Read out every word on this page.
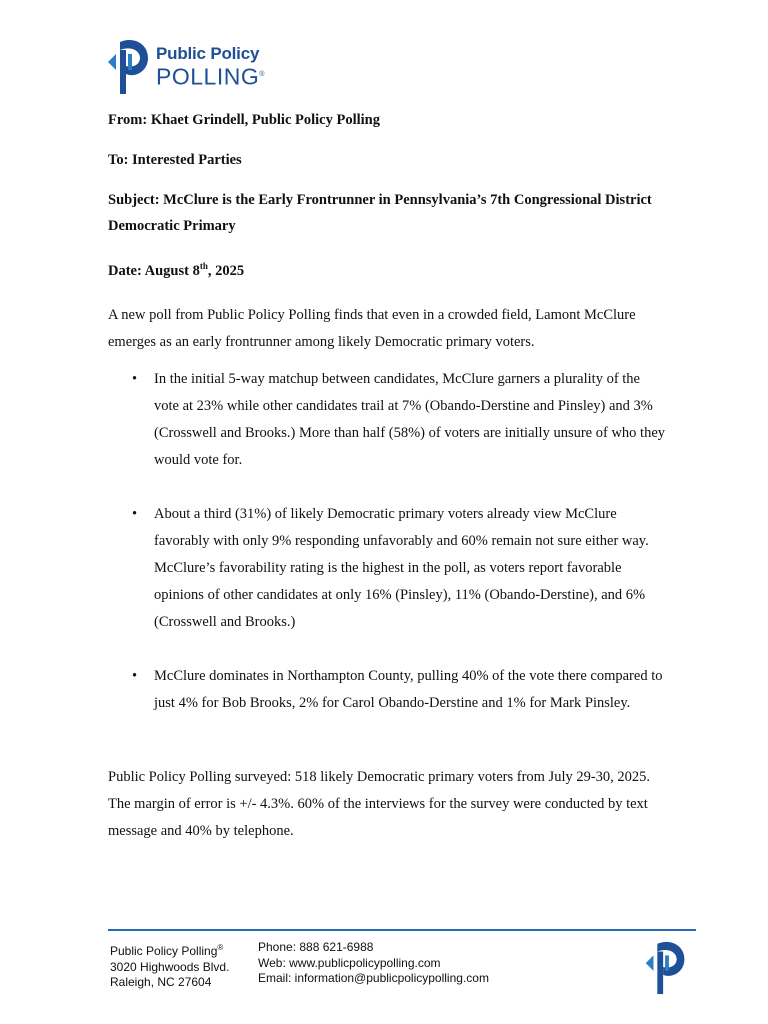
Public Policy
POLLING®
From: Khaet Grindell, Public Policy Polling
To: Interested Parties
Subject: McClure is the Early Frontrunner in Pennsylvania’s 7th Congressional District Democratic Primary
Date: August 8th, 2025
A new poll from Public Policy Polling finds that even in a crowded field, Lamont McClure emerges as an early frontrunner among likely Democratic primary voters.
• In the initial 5-way matchup between candidates, McClure garners a plurality of the vote at 23% while other candidates trail at 7% (Obando-Derstine and Pinsley) and 3% (Crosswell and Brooks.) More than half (58%) of voters are initially unsure of who they would vote for.
• About a third (31%) of likely Democratic primary voters already view McClure favorably with only 9% responding unfavorably and 60% remain not sure either way. McClure’s favorability rating is the highest in the poll, as voters report favorable opinions of other candidates at only 16% (Pinsley), 11% (Obando-Derstine), and 6% (Crosswell and Brooks.)
• McClure dominates in Northampton County, pulling 40% of the vote there compared to just 4% for Bob Brooks, 2% for Carol Obando-Derstine and 1% for Mark Pinsley.
Public Policy Polling surveyed: 518 likely Democratic primary voters from July 29-30, 2025. The margin of error is +/- 4.3%. 60% of the interviews for the survey were conducted by text message and 40% by telephone.
Public Policy Polling®
3020 Highwoods Blvd.
Raleigh, NC 27604
Phone: 888 621-6988
Web: www.publicpolicypolling.com
Email: information@publicpolicypolling.com
